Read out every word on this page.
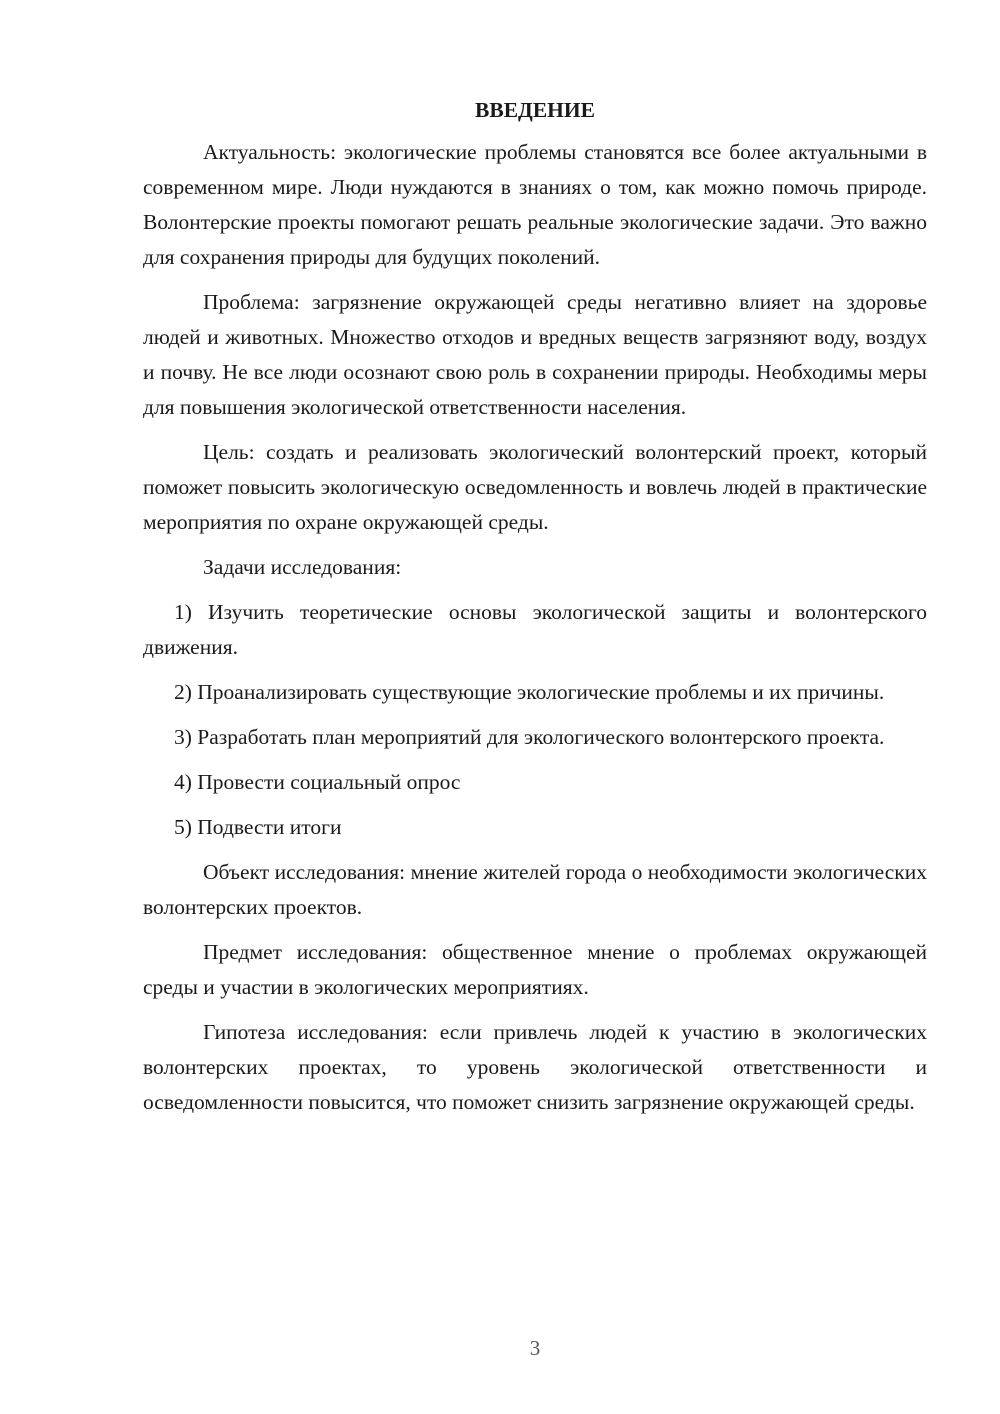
ВВЕДЕНИЕ

Актуальность: экологические проблемы становятся все более актуальными в современном мире. Люди нуждаются в знаниях о том, как можно помочь природе. Волонтерские проекты помогают решать реальные экологические задачи. Это важно для сохранения природы для будущих поколений.

Проблема: загрязнение окружающей среды негативно влияет на здоровье людей и животных. Множество отходов и вредных веществ загрязняют воду, воздух и почву. Не все люди осознают свою роль в сохранении природы. Необходимы меры для повышения экологической ответственности населения.

Цель: создать и реализовать экологический волонтерский проект, который поможет повысить экологическую осведомленность и вовлечь людей в практические мероприятия по охране окружающей среды.

Задачи исследования:

1) Изучить теоретические основы экологической защиты и волонтерского движения.

2) Проанализировать существующие экологические проблемы и их причины.

3) Разработать план мероприятий для экологического волонтерского проекта.

4) Провести социальный опрос

5) Подвести итоги

Объект исследования: мнение жителей города о необходимости экологических волонтерских проектов.

Предмет исследования: общественное мнение о проблемах окружающей среды и участии в экологических мероприятиях.

Гипотеза исследования: если привлечь людей к участию в экологических волонтерских проектах, то уровень экологической ответственности и осведомленности повысится, что поможет снизить загрязнение окружающей среды.

3
